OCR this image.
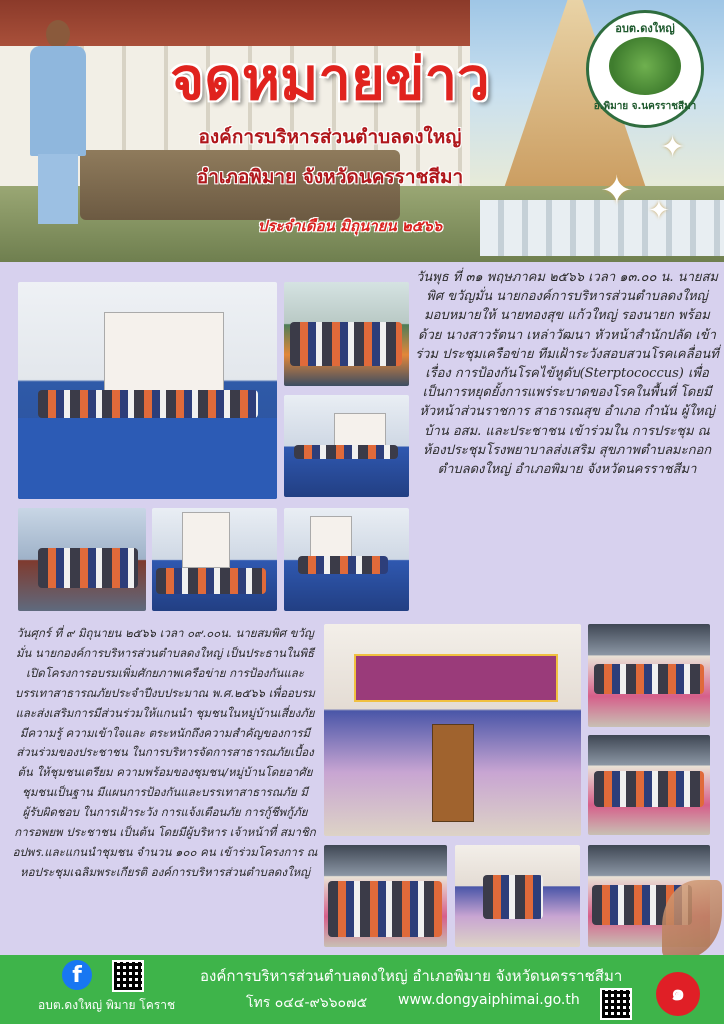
จดหมายข่าว
องค์การบริหารส่วนตำบลดงใหญ่
อำเภอพิมาย จังหวัดนครราชสีมา
ประจำเดือน มิถุนายน ๒๕๖๖
อบต.ดงใหญ่
อ.พิมาย จ.นครราชสีมา
✦
✦
✦
วันพุธ ที่ ๓๑ พฤษภาคม ๒๕๖๖ เวลา ๑๓.๐๐ น. นายสมพิศ ขวัญมั่น นายกองค์การบริหารส่วนตำบลดงใหญ่ มอบหมายให้ นายทองสุข แก้วใหญ่ รองนายก พร้อมด้วย นางสาวรัตนา เหล่าวัฒนา หัวหน้าสำนักปลัด เข้าร่วม ประชุมเครือข่าย ทีมเฝ้าระวังสอบสวนโรคเคลื่อนที่ เรื่อง การป้องกันโรคไข้หูดับ(Sterptococcus) เพื่อเป็นการหยุดยั้งการแพร่ระบาดของโรคในพื้นที่ โดยมีหัวหน้าส่วนราชการ สาธารณสุข อำเภอ กำนัน ผู้ใหญ่บ้าน อสม. และประชาชน เข้าร่วมใน การประชุม ณ ห้องประชุมโรงพยาบาลส่งเสริม สุขภาพตำบลมะกอก ตำบลดงใหญ่ อำเภอพิมาย จังหวัดนครราชสีมา
วันศุกร์ ที่ ๙ มิถุนายน ๒๕๖๖ เวลา ๐๙.๐๐น. นายสมพิศ ขวัญมั่น นายกองค์การบริหารส่วนตำบลดงใหญ่ เป็นประธานในพิธีเปิดโครงการอบรมเพิ่มศักยภาพเครือข่าย การป้องกันและบรรเทาสาธารณภัยประจำปีงบประมาณ พ.ศ.๒๕๖๖ เพื่ออบรมและส่งเสริมการมีส่วนร่วมให้แกนนำ ชุมชนในหมู่บ้านเสี่ยงภัย มีความรู้ ความเข้าใจและ ตระหนักถึงความสำคัญของการมีส่วนร่วมของประชาชน ในการบริหารจัดการสาธารณภัยเบื้องต้น ให้ชุมชนเตรียม ความพร้อมของชุมชน/หมู่บ้านโดยอาศัยชุมชนเป็นฐาน มีแผนการป้องกันและบรรเทาสาธารณภัย มีผู้รับผิดชอบ ในการเฝ้าระวัง การแจ้งเตือนภัย การกู้ชีพกู้ภัย การอพยพ ประชาชน เป็นต้น โดยมีผู้บริหาร เจ้าหน้าที่ สมาชิก อปพร.และแกนนำชุมชน จำนวน ๑๐๐ คน เข้าร่วมโครงการ ณ หอประชุมเฉลิมพระเกียรติ องค์การบริหารส่วนตำบลดงใหญ่
f
อบต.ดงใหญ่ พิมาย โคราช
องค์การบริหารส่วนตำบลดงใหญ่ อำเภอพิมาย จังหวัดนครราชสีมา
โทร ๐๔๔-๙๖๖๐๗๕ www.dongyaiphimai.go.th	๑
